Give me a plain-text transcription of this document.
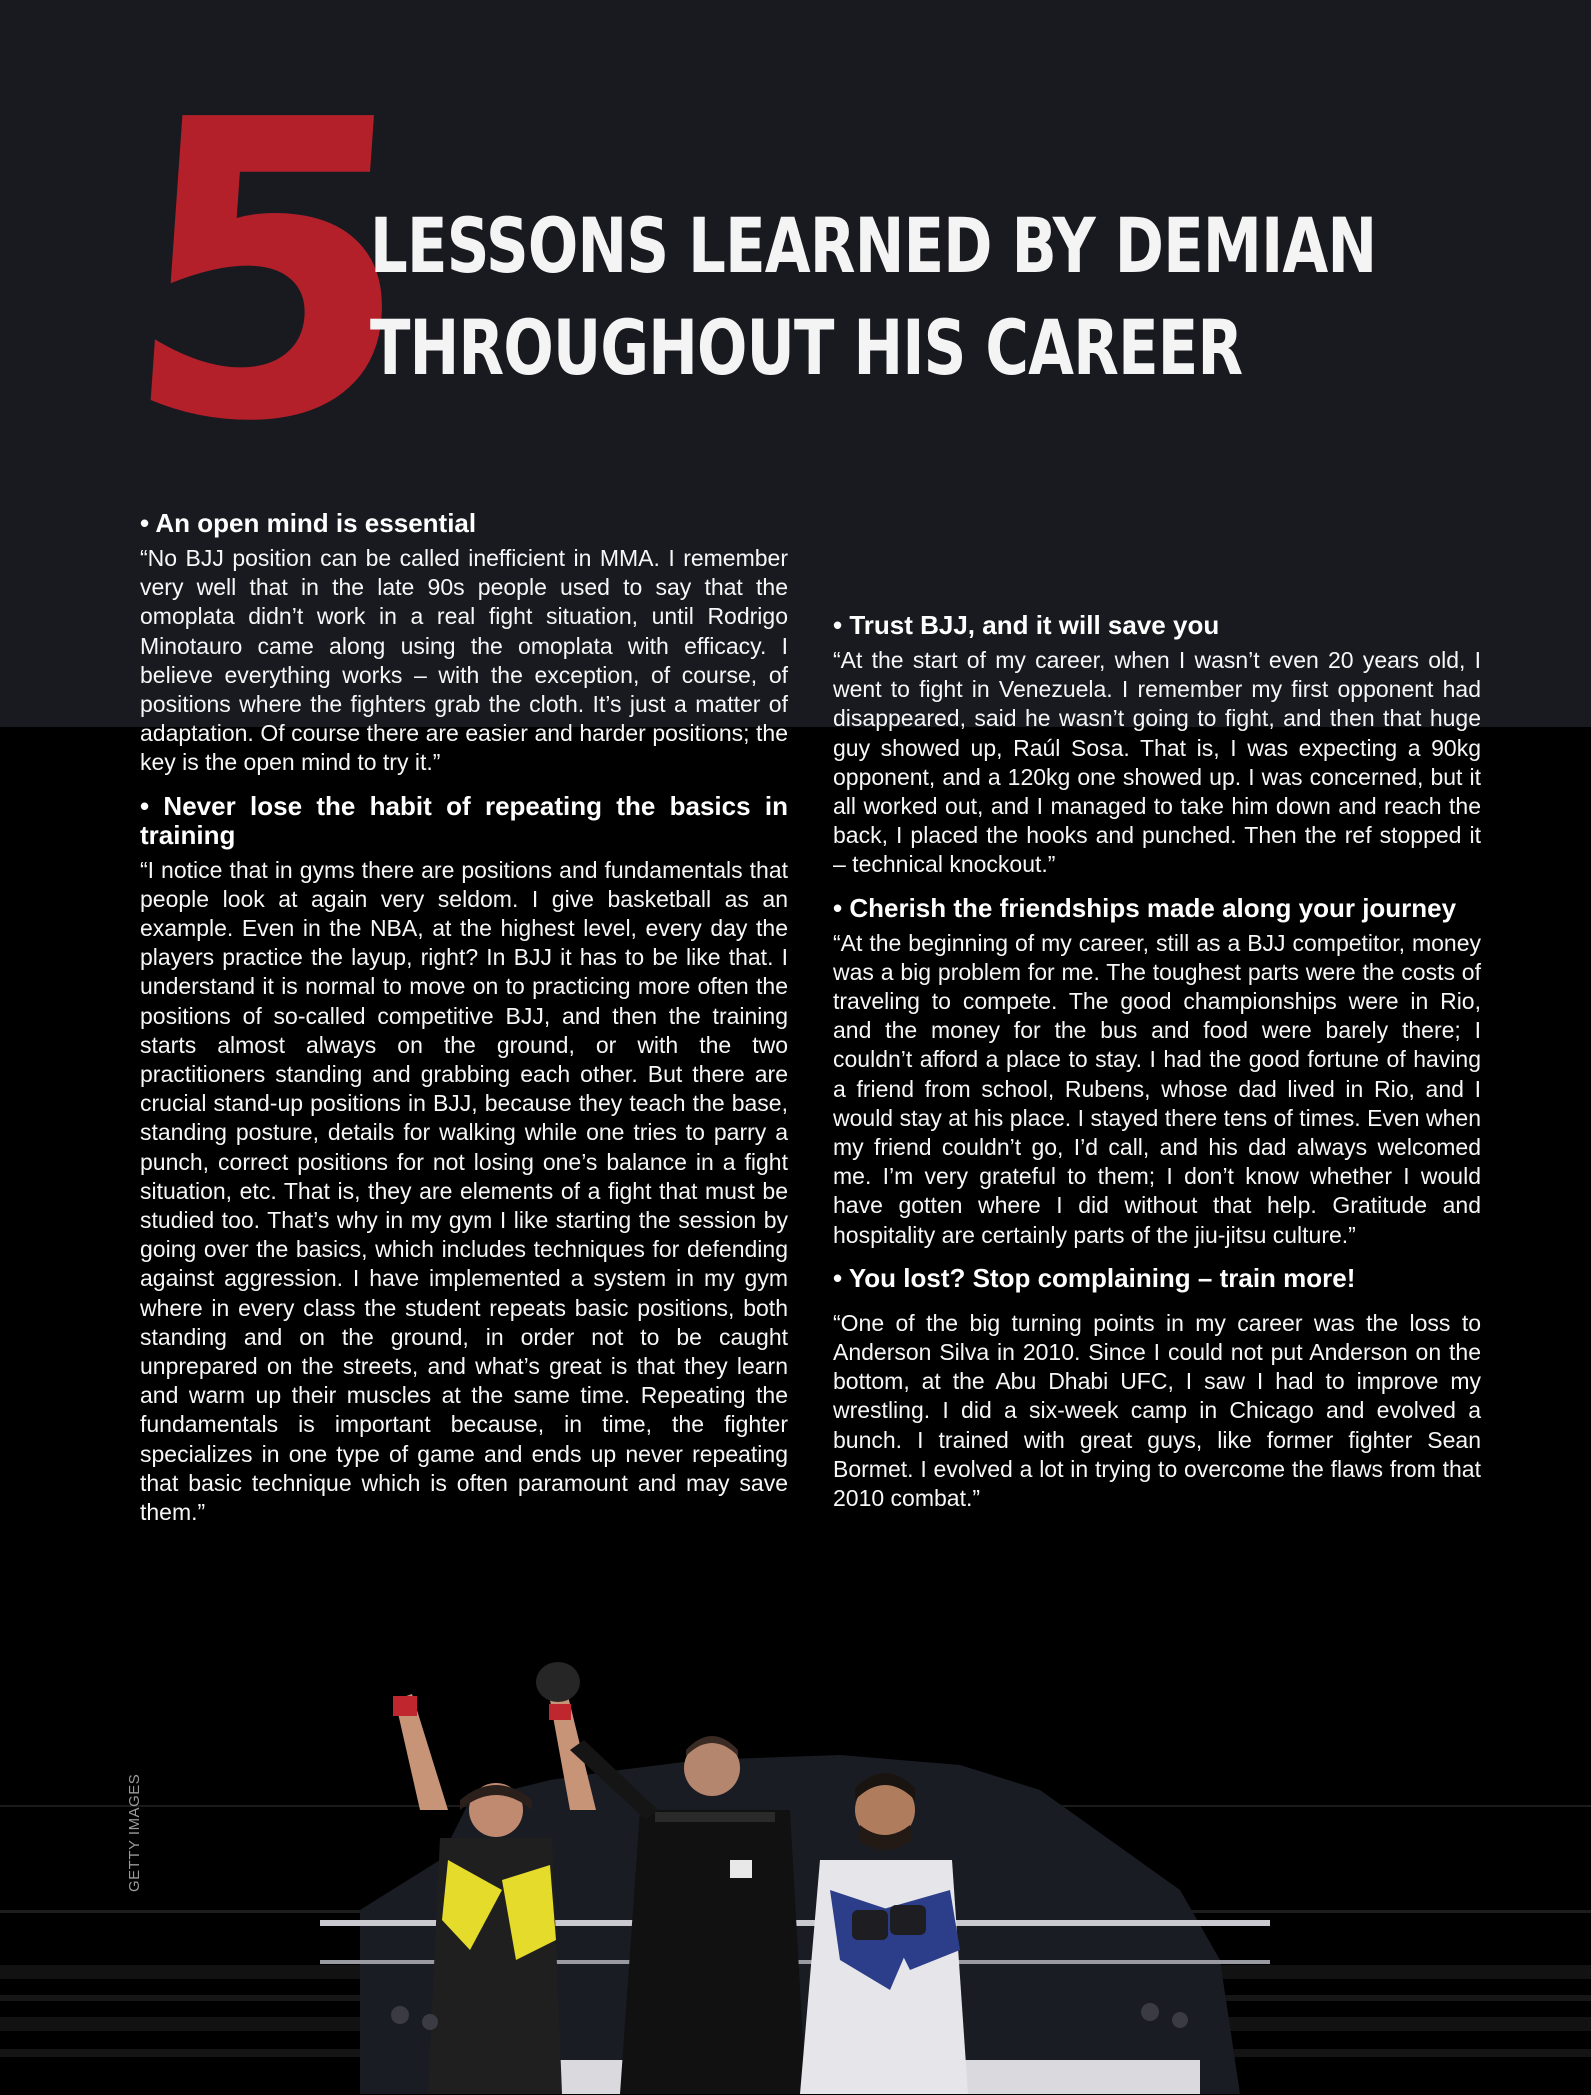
5
LESSONS LEARNED BY DEMIAN
THROUGHOUT HIS CAREER
• An open mind is essential

“No BJJ position can be called inefficient in MMA. I remember very well that in the late 90s people used to say that the omoplata didn’t work in a real fight situation, until Rodrigo Minotauro came along using the omoplata with efficacy. I believe everything works – with the exception, of course, of positions where the fighters grab the cloth. It’s just a matter of adaptation. Of course there are easier and harder positions; the key is the open mind to try it.”

• Never lose the habit of repeating the basics in training

“I notice that in gyms there are positions and fundamentals that people look at again very seldom. I give basketball as an example. Even in the NBA, at the highest level, every day the players practice the layup, right? In BJJ it has to be like that. I understand it is normal to move on to practicing more often the positions of so-called competitive BJJ, and then the training starts almost always on the ground, or with the two practitioners standing and grabbing each other. But there are crucial stand-up positions in BJJ, because they teach the base, standing posture, details for walking while one tries to parry a punch, correct positions for not losing one’s balance in a fight situation, etc. That is, they are elements of a fight that must be studied too. That’s why in my gym I like starting the session by going over the basics, which includes techniques for defending against aggression. I have implemented a system in my gym where in every class the student repeats basic positions, both standing and on the ground, in order not to be caught unprepared on the streets, and what’s great is that they learn and warm up their muscles at the same time. Repeating the fundamentals is important because, in time, the fighter specializes in one type of game and ends up never repeating that basic technique which is often paramount and may save them.”

• Trust BJJ, and it will save you

“At the start of my career, when I wasn’t even 20 years old, I went to fight in Venezuela. I remember my first opponent had disappeared, said he wasn’t going to fight, and then that huge guy showed up, Raúl Sosa. That is, I was expecting a 90kg opponent, and a 120kg one showed up. I was concerned, but it all worked out, and I managed to take him down and reach the back, I placed the hooks and punched. Then the ref stopped it – technical knockout.”

• Cherish the friendships made along your journey

“At the beginning of my career, still as a BJJ competitor, money was a big problem for me. The toughest parts were the costs of traveling to compete. The good championships were in Rio, and the money for the bus and food were barely there; I couldn’t afford a place to stay. I had the good fortune of having a friend from school, Rubens, whose dad lived in Rio, and I would stay at his place. I stayed there tens of times. Even when my friend couldn’t go, I’d call, and his dad always welcomed me. I’m very grateful to them; I don’t know whether I would have gotten where I did without that help. Gratitude and hospitality are certainly parts of the jiu-jitsu culture.”

• You lost? Stop complaining – train more!

“One of the big turning points in my career was the loss to Anderson Silva in 2010. Since I could not put Anderson on the bottom, at the Abu Dhabi UFC, I saw I had to improve my wrestling. I did a six-week camp in Chicago and evolved a bunch. I trained with great guys, like former fighter Sean Bormet. I evolved a lot in trying to overcome the flaws from that 2010 combat.”

GETTY IMAGES
